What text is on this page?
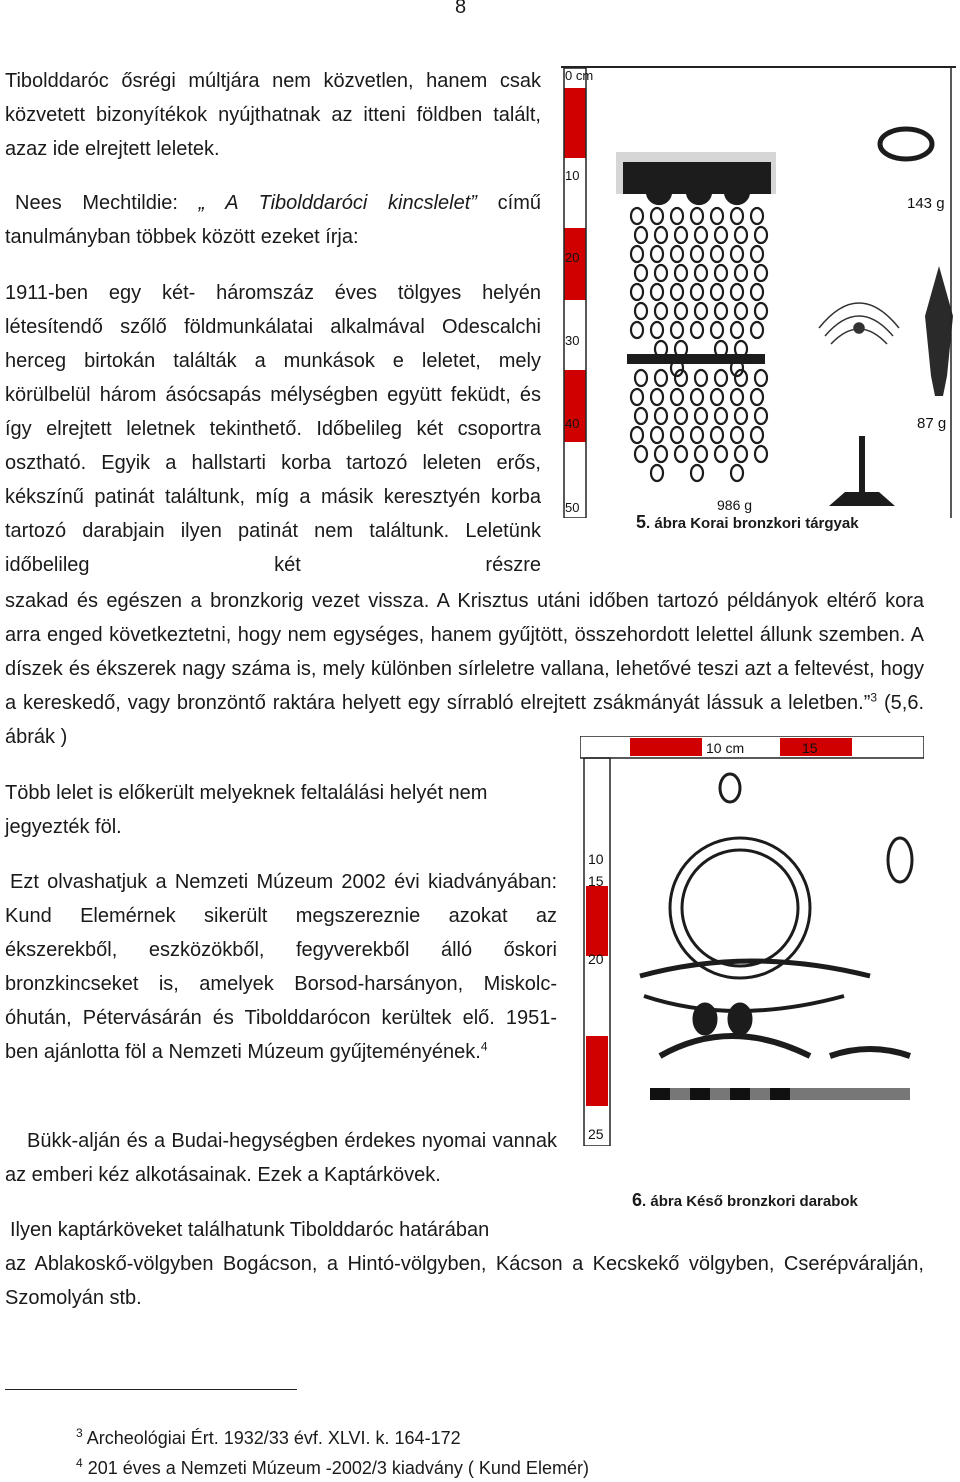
8

Tibolddaróc ősrégi múltjára nem közvetlen, hanem csak közvetett bizonyítékok nyújthatnak az itteni földben talált, azaz ide elrejtett leletek.

Nees Mechtildie: „ A Tibolddaróci kincslelet” című tanulmányban többek között ezeket írja:

1911-ben egy két- háromszáz éves tölgyes helyén létesítendő szőlő földmunkálatai alkalmával Odescalchi herceg birtokán találták a munkások e leletet, mely körülbelül három ásócsapás mélységben együtt feküdt, és így elrejtett leletnek tekinthető. Időbelileg két csoportra osztható. Egyik a hallstarti korba tartozó leleten erős, kékszínű patinát találtunk, míg a másik keresztyén korba tartozó darabjain ilyen patinát nem találtunk. Leletünk időbelileg két részre

szakad és egészen a bronzkorig vezet vissza. A Krisztus utáni időben tartozó példányok eltérő kora arra enged következtetni, hogy nem egységes, hanem gyűjtött, összehordott lelettel állunk szemben. A díszek és ékszerek nagy száma is, mely különben sírleletre vallana, lehetővé teszi azt a feltevést, hogy a kereskedő, vagy bronzöntő raktára helyett egy sírrabló elrejtett zsákmányát lássuk a leletben.”$^3$ (5,6. ábrák )

Több lelet is előkerült melyeknek feltalálási helyét nem jegyezték föl.

Ezt olvashatjuk a Nemzeti Múzeum 2002 évi kiadványában: Kund Elemérnek sikerült megszereznie azokat az ékszerekből, eszközökből, fegyverekből álló őskori bronzkincseket is, amelyek Borsod-harsányon, Miskolc-óhután, Pétervásárán és Tibolddarócon kerültek elő. 1951-ben ajánlotta föl a Nemzeti Múzeum gyűjteményének.$^4$

Bükk-alján és a Budai-hegységben érdekes nyomai vannak az emberi kéz alkotásainak. Ezek a Kaptárkövek.

Ilyen kaptárköveket találhatunk Tibolddaróc határában

az Ablakoskő-völgyben Bogácson, a Hintó-völgyben, Kácson a Kecskekő völgyben, Cserépváralján, Szomolyán stb.

0 cm
10
20
30
40
50
143 g
87 g
986 g
5. ábra Korai bronzkori tárgyak
10 cm	15
10
15
20
25
6. ábra Késő bronzkori darabok
$^3$ Archeológiai Ért. 1932/33 évf. XLVI. k. 164-172
$^4$ 201 éves a Nemzeti Múzeum -2002/3 kiadvány ( Kund Elemér)
